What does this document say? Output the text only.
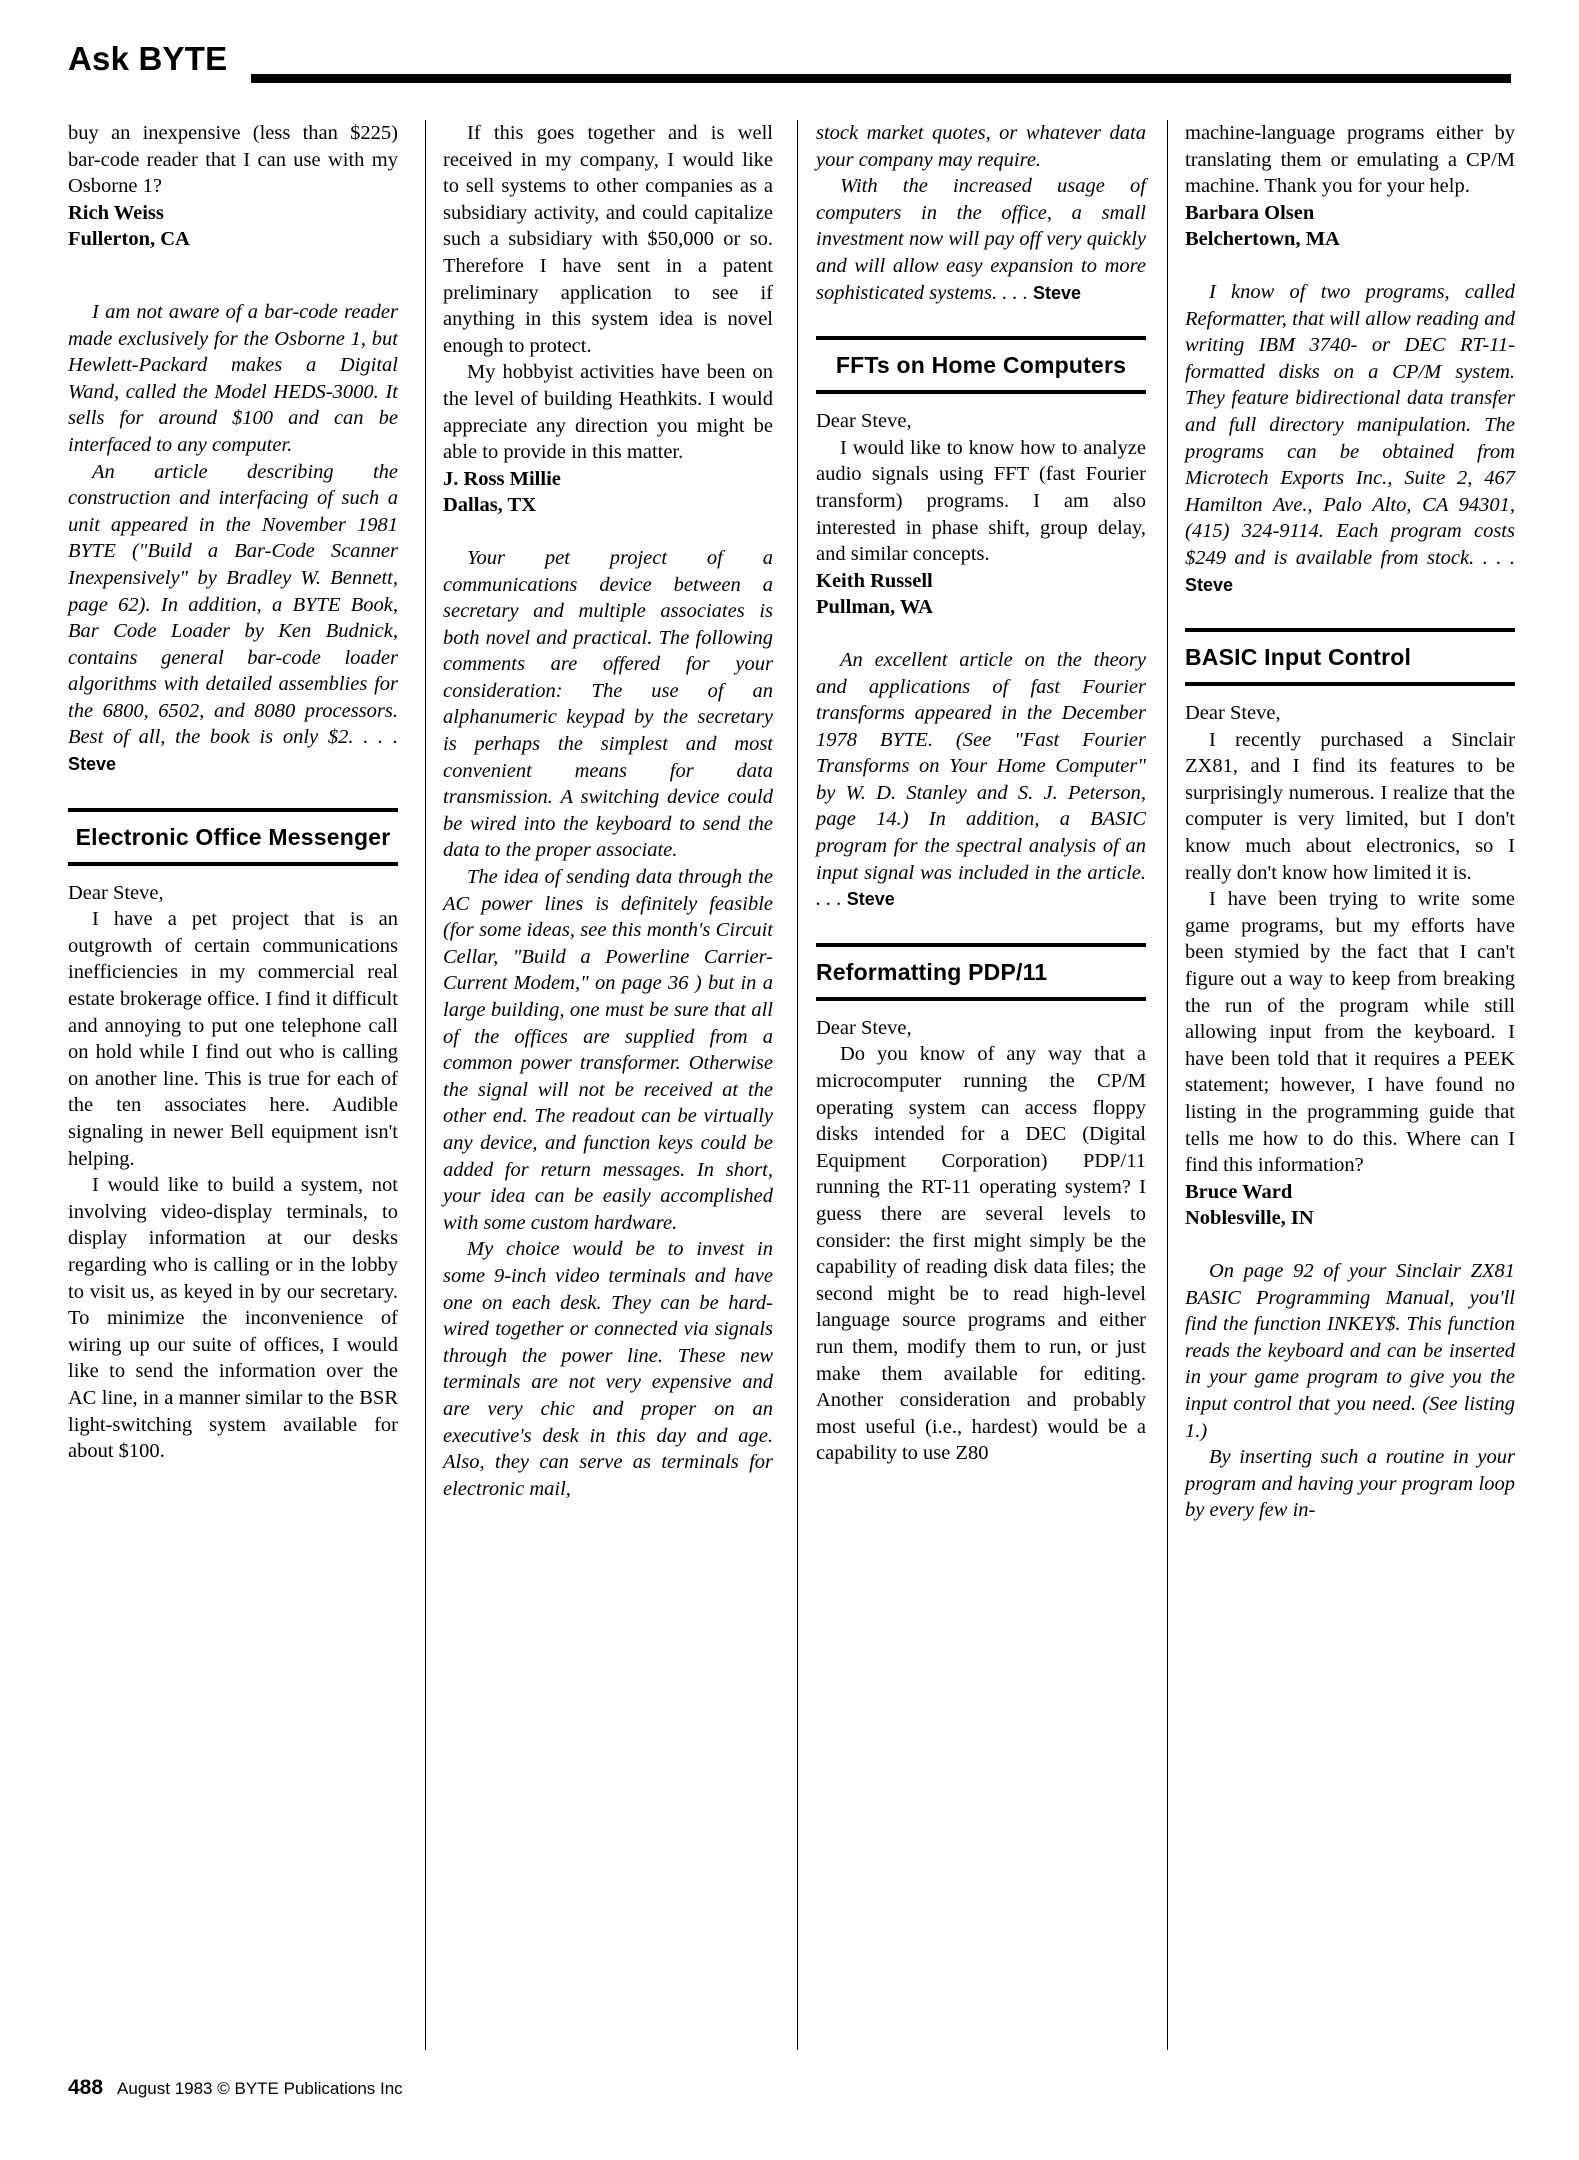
Ask BYTE

buy an inexpensive (less than $225) bar-code reader that I can use with my Osborne 1?

Rich Weiss

Fullerton, CA

I am not aware of a bar-code reader made exclusively for the Osborne 1, but Hewlett-Packard makes a Digital Wand, called the Model HEDS-3000. It sells for around $100 and can be interfaced to any computer.

An article describing the construction and interfacing of such a unit appeared in the November 1981 BYTE ("Build a Bar-Code Scanner Inexpensively" by Bradley W. Bennett, page 62). In addition, a BYTE Book, Bar Code Loader by Ken Budnick, contains general bar-code loader algorithms with detailed assemblies for the 6800, 6502, and 8080 processors. Best of all, the book is only $2. . . . Steve

Electronic Office Messenger

Dear Steve,

I have a pet project that is an outgrowth of certain communications inefficiencies in my commercial real estate brokerage office. I find it difficult and annoying to put one telephone call on hold while I find out who is calling on another line. This is true for each of the ten associates here. Audible signaling in newer Bell equipment isn't helping.

I would like to build a system, not involving video-display terminals, to display information at our desks regarding who is calling or in the lobby to visit us, as keyed in by our secretary. To minimize the inconvenience of wiring up our suite of offices, I would like to send the information over the AC line, in a manner similar to the BSR light-switching system available for about $100.

If this goes together and is well received in my company, I would like to sell systems to other companies as a subsidiary activity, and could capitalize such a subsidiary with $50,000 or so. Therefore I have sent in a patent preliminary application to see if anything in this system idea is novel enough to protect.

My hobbyist activities have been on the level of building Heathkits. I would appreciate any direction you might be able to provide in this matter.

J. Ross Millie

Dallas, TX

Your pet project of a communications device between a secretary and multiple associates is both novel and practical. The following comments are offered for your consideration: The use of an alphanumeric keypad by the secretary is perhaps the simplest and most convenient means for data transmission. A switching device could be wired into the keyboard to send the data to the proper associate.

The idea of sending data through the AC power lines is definitely feasible (for some ideas, see this month's Circuit Cellar, "Build a Powerline Carrier-Current Modem," on page 36 ) but in a large building, one must be sure that all of the offices are supplied from a common power transformer. Otherwise the signal will not be received at the other end. The readout can be virtually any device, and function keys could be added for return messages. In short, your idea can be easily accomplished with some custom hardware.

My choice would be to invest in some 9-inch video terminals and have one on each desk. They can be hard-wired together or connected via signals through the power line. These new terminals are not very expensive and are very chic and proper on an executive's desk in this day and age. Also, they can serve as terminals for electronic mail,

stock market quotes, or whatever data your company may require.

With the increased usage of computers in the office, a small investment now will pay off very quickly and will allow easy expansion to more sophisticated systems. . . . Steve

FFTs on Home Computers

Dear Steve,

I would like to know how to analyze audio signals using FFT (fast Fourier transform) programs. I am also interested in phase shift, group delay, and similar concepts.

Keith Russell

Pullman, WA

An excellent article on the theory and applications of fast Fourier transforms appeared in the December 1978 BYTE. (See "Fast Fourier Transforms on Your Home Computer" by W. D. Stanley and S. J. Peterson, page 14.) In addition, a BASIC program for the spectral analysis of an input signal was included in the article. . . . Steve

Reformatting PDP/11

Dear Steve,

Do you know of any way that a microcomputer running the CP/M operating system can access floppy disks intended for a DEC (Digital Equipment Corporation) PDP/11 running the RT-11 operating system? I guess there are several levels to consider: the first might simply be the capability of reading disk data files; the second might be to read high-level language source programs and either run them, modify them to run, or just make them available for editing. Another consideration and probably most useful (i.e., hardest) would be a capability to use Z80

machine-language programs either by translating them or emulating a CP/M machine. Thank you for your help.

Barbara Olsen

Belchertown, MA

I know of two programs, called Reformatter, that will allow reading and writing IBM 3740- or DEC RT-11-formatted disks on a CP/M system. They feature bidirectional data transfer and full directory manipulation. The programs can be obtained from Microtech Exports Inc., Suite 2, 467 Hamilton Ave., Palo Alto, CA 94301, (415) 324-9114. Each program costs $249 and is available from stock. . . . Steve

BASIC Input Control

Dear Steve,

I recently purchased a Sinclair ZX81, and I find its features to be surprisingly numerous. I realize that the computer is very limited, but I don't know much about electronics, so I really don't know how limited it is.

I have been trying to write some game programs, but my efforts have been stymied by the fact that I can't figure out a way to keep from breaking the run of the program while still allowing input from the keyboard. I have been told that it requires a PEEK statement; however, I have found no listing in the programming guide that tells me how to do this. Where can I find this information?

Bruce Ward

Noblesville, IN

On page 92 of your Sinclair ZX81 BASIC Programming Manual, you'll find the function INKEY$. This function reads the keyboard and can be inserted in your game program to give you the input control that you need. (See listing 1.)

By inserting such a routine in your program and having your program loop by every few in-

488 August 1983 © BYTE Publications Inc
